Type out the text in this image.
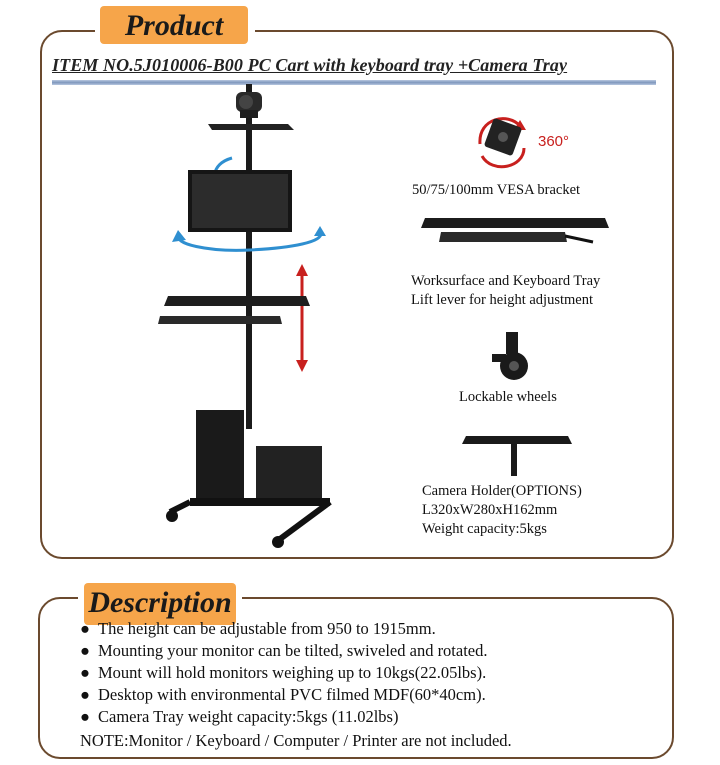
Product
ITEM NO.5J010006-B00 PC Cart with keyboard tray +Camera Tray
360°
50/75/100mm VESA bracket
Worksurface and Keyboard Tray
Lift lever for height adjustment
Lockable wheels
Camera Holder(OPTIONS)
L320xW280xH162mm
Weight capacity:5kgs
Description
● The height can be adjustable from 950 to 1915mm.
● Mounting your monitor can be tilted, swiveled and rotated.
● Mount will hold monitors weighing up to 10kgs(22.05lbs).
● Desktop with environmental PVC filmed MDF(60*40cm).
● Camera Tray weight capacity:5kgs (11.02lbs)
NOTE:Monitor / Keyboard / Computer / Printer are not included.
